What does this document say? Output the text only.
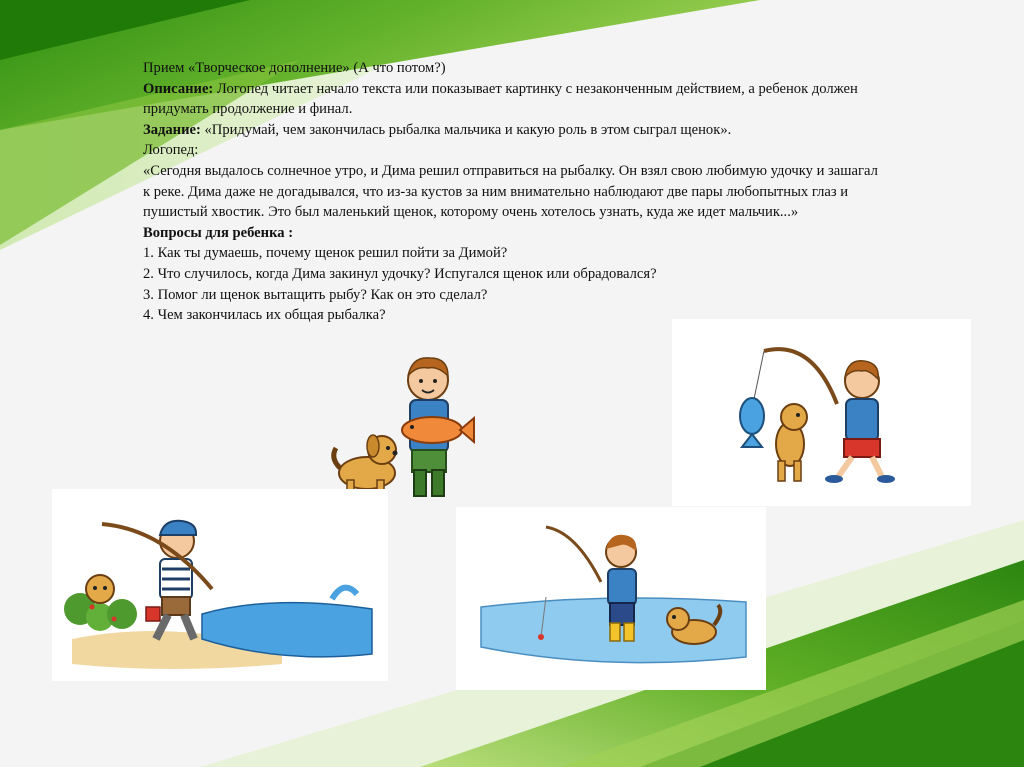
Прием «Творческое дополнение» (А что потом?)

Описание: Логопед читает начало текста или показывает картинку с незаконченным действием, а ребенок должен придумать продолжение и финал.

Задание: «Придумай, чем закончилась рыбалка мальчика и какую роль в этом сыграл щенок».

Логопед:

«Сегодня выдалось солнечное утро, и Дима решил отправиться на рыбалку. Он взял свою любимую удочку и зашагал к реке. Дима даже не догадывался, что из-за кустов за ним внимательно наблюдают две пары любопытных глаз и пушистый хвостик. Это был маленький щенок, которому очень хотелось узнать, куда же идет мальчик...»

Вопросы для ребенка :

1. Как ты думаешь, почему щенок решил пойти за Димой?

2. Что случилось, когда Дима закинул удочку? Испугался щенок или обрадовался?

3. Помог ли щенок вытащить рыбу? Как он это сделал?

4. Чем закончилась их общая рыбалка?
